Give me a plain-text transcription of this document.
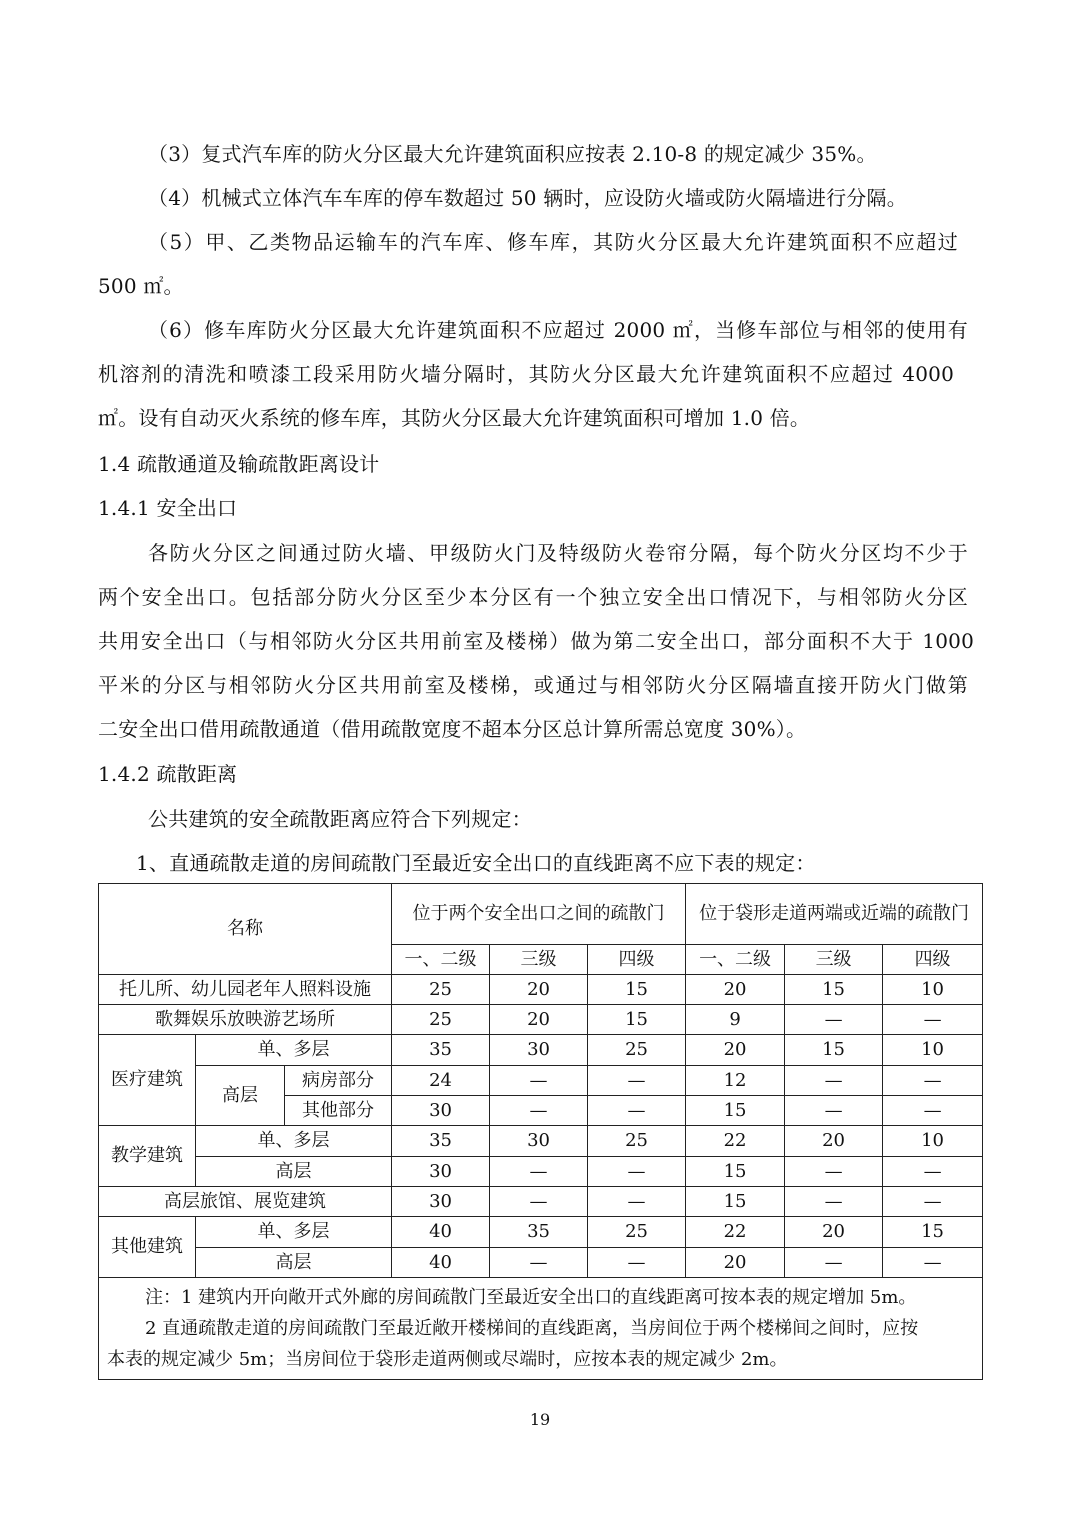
（3）复式汽车库的防火分区最大允许建筑面积应按表 2.10-8 的规定减少 35%。
（4）机械式立体汽车车库的停车数超过 50 辆时，应设防火墙或防火隔墙进行分隔。
（5）甲、乙类物品运输车的汽车库、修车库，其防火分区最大允许建筑面积不应超过
500 ㎡。
（6）修车库防火分区最大允许建筑面积不应超过 2000 ㎡，当修车部位与相邻的使用有
机溶剂的清洗和喷漆工段采用防火墙分隔时，其防火分区最大允许建筑面积不应超过 4000
㎡。设有自动灭火系统的修车库，其防火分区最大允许建筑面积可增加 1.0 倍。
1.4 疏散通道及输疏散距离设计
1.4.1 安全出口
各防火分区之间通过防火墙、甲级防火门及特级防火卷帘分隔，每个防火分区均不少于
两个安全出口。包括部分防火分区至少本分区有一个独立安全出口情况下，与相邻防火分区
共用安全出口（与相邻防火分区共用前室及楼梯）做为第二安全出口，部分面积不大于 1000
平米的分区与相邻防火分区共用前室及楼梯，或通过与相邻防火分区隔墙直接开防火门做第
二安全出口借用疏散通道（借用疏散宽度不超本分区总计算所需总宽度 30%）。
1.4.2 疏散距离
公共建筑的安全疏散距离应符合下列规定：
1、直通疏散走道的房间疏散门至最近安全出口的直线距离不应下表的规定：
名称			位于两个安全出口之间的疏散门			位于袋形走道两端或近端的疏散门		
			一、二级	三级	四级	一、二级	三级	四级
托儿所、幼儿园老年人照料设施			25	20	15	20	15	10
歌舞娱乐放映游艺场所			25	20	15	9	—	—
医疗建筑	单、多层		35	30	25	20	15	10
	高层	病房部分	24	—	—	12	—	—
		其他部分	30	—	—	15	—	—
教学建筑	单、多层		35	30	25	22	20	10
	高层		30	—	—	15	—	—
高层旅馆、展览建筑			30	—	—	15	—	—
其他建筑	单、多层		40	35	25	22	20	15
	高层		40	—	—	20	—	—

注：1 建筑内开向敞开式外廊的房间疏散门至最近安全出口的直线距离可按本表的规定增加 5m。
2 直通疏散走道的房间疏散门至最近敞开楼梯间的直线距离，当房间位于两个楼梯间之间时，应按
本表的规定减少 5m；当房间位于袋形走道两侧或尽端时，应按本表的规定减少 2m。								
19
